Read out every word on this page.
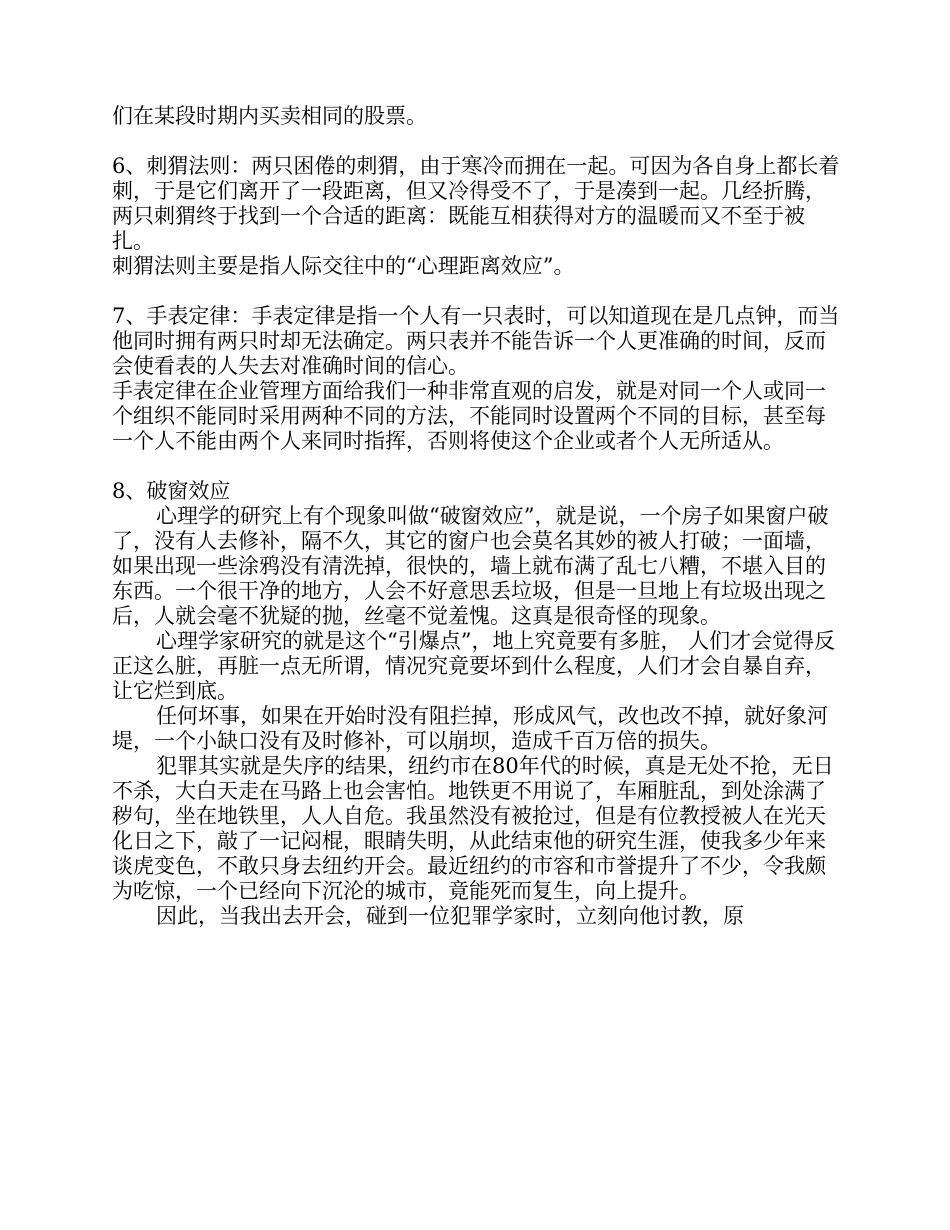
们在某段时期内买卖相同的股票。

6、刺猬法则：两只困倦的刺猬，由于寒冷而拥在一起。可因为各自身上都长着刺，于是它们离开了一段距离，但又冷得受不了，于是凑到一起。几经折腾，两只刺猬终于找到一个合适的距离：既能互相获得对方的温暖而又不至于被扎。

刺猬法则主要是指人际交往中的“心理距离效应”。

7、手表定律：手表定律是指一个人有一只表时，可以知道现在是几点钟，而当他同时拥有两只时却无法确定。两只表并不能告诉一个人更准确的时间，反而会使看表的人失去对准确时间的信心。

手表定律在企业管理方面给我们一种非常直观的启发，就是对同一个人或同一个组织不能同时采用两种不同的方法，不能同时设置两个不同的目标，甚至每一个人不能由两个人来同时指挥，否则将使这个企业或者个人无所适从。

8、破窗效应

心理学的研究上有个现象叫做“破窗效应”，就是说，一个房子如果窗户破了，没有人去修补，隔不久，其它的窗户也会莫名其妙的被人打破；一面墙，如果出现一些涂鸦没有清洗掉，很快的，墙上就布满了乱七八糟，不堪入目的东西。一个很干净的地方，人会不好意思丢垃圾，但是一旦地上有垃圾出现之后，人就会毫不犹疑的抛，丝毫不觉羞愧。这真是很奇怪的现象。

心理学家研究的就是这个“引爆点”，地上究竟要有多脏， 人们才会觉得反正这么脏，再脏一点无所谓，情况究竟要坏到什么程度，人们才会自暴自弃，让它烂到底。

任何坏事，如果在开始时没有阻拦掉，形成风气，改也改不掉，就好象河堤，一个小缺口没有及时修补，可以崩坝，造成千百万倍的损失。

犯罪其实就是失序的结果，纽约市在80年代的时候，真是无处不抢，无日不杀，大白天走在马路上也会害怕。地铁更不用说了，车厢脏乱，到处涂满了秽句，坐在地铁里，人人自危。我虽然没有被抢过，但是有位教授被人在光天化日之下，敲了一记闷棍，眼睛失明，从此结束他的研究生涯，使我多少年来谈虎变色，不敢只身去纽约开会。最近纽约的市容和市誉提升了不少，令我颇为吃惊，一个已经向下沉沦的城市，竟能死而复生，向上提升。

因此，当我出去开会，碰到一位犯罪学家时，立刻向他讨教，原
